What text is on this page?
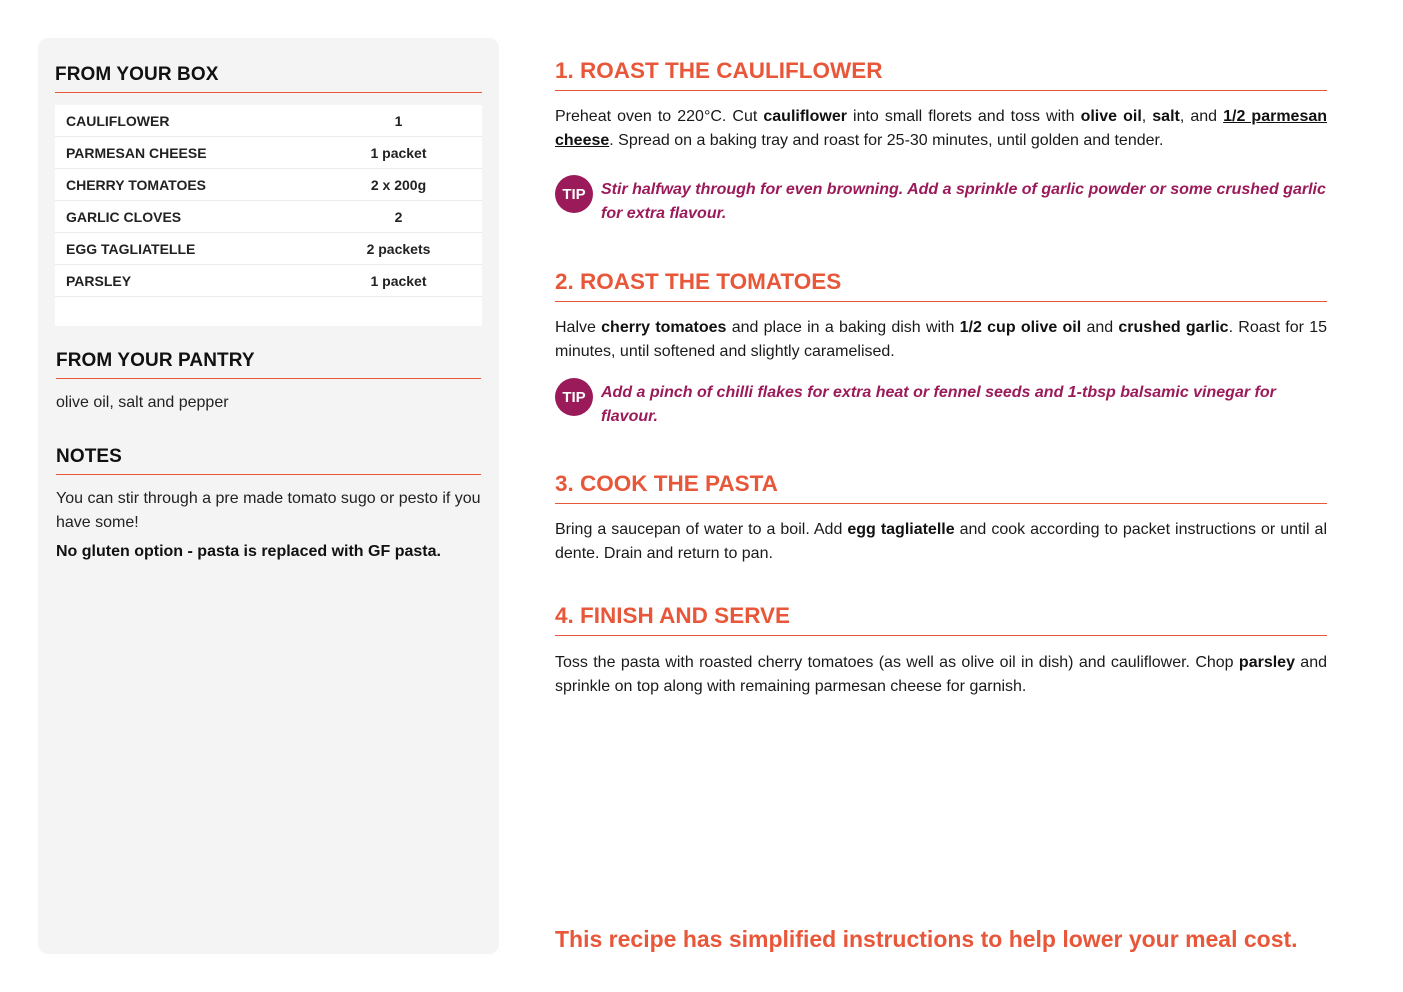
FROM YOUR BOX
CAULIFLOWER	1
PARMESAN CHEESE	1 packet
CHERRY TOMATOES	2 x 200g
GARLIC CLOVES	2
EGG TAGLIATELLE	2 packets
PARSLEY	1 packet
FROM YOUR PANTRY

olive oil, salt and pepper

NOTES

You can stir through a pre made tomato sugo or pesto if you have some!

No gluten option - pasta is replaced with GF pasta.

1. ROAST THE CAULIFLOWER

Preheat oven to 220°C. Cut cauliflower into small florets and toss with olive oil, salt, and 1/2 parmesan cheese. Spread on a baking tray and roast for 25-30 minutes, until golden and tender.

TIP Stir halfway through for even browning. Add a sprinkle of garlic powder or some crushed garlic for extra flavour.
2. ROAST THE TOMATOES

Halve cherry tomatoes and place in a baking dish with 1/2 cup olive oil and crushed garlic. Roast for 15 minutes, until softened and slightly caramelised.

TIP Add a pinch of chilli flakes for extra heat or fennel seeds and 1-tbsp balsamic vinegar for flavour.
3. COOK THE PASTA

Bring a saucepan of water to a boil. Add egg tagliatelle and cook according to packet instructions or until al dente. Drain and return to pan.

4. FINISH AND SERVE

Toss the pasta with roasted cherry tomatoes (as well as olive oil in dish) and cauliflower. Chop parsley and sprinkle on top along with remaining parmesan cheese for garnish.

This recipe has simplified instructions to help lower your meal cost.
